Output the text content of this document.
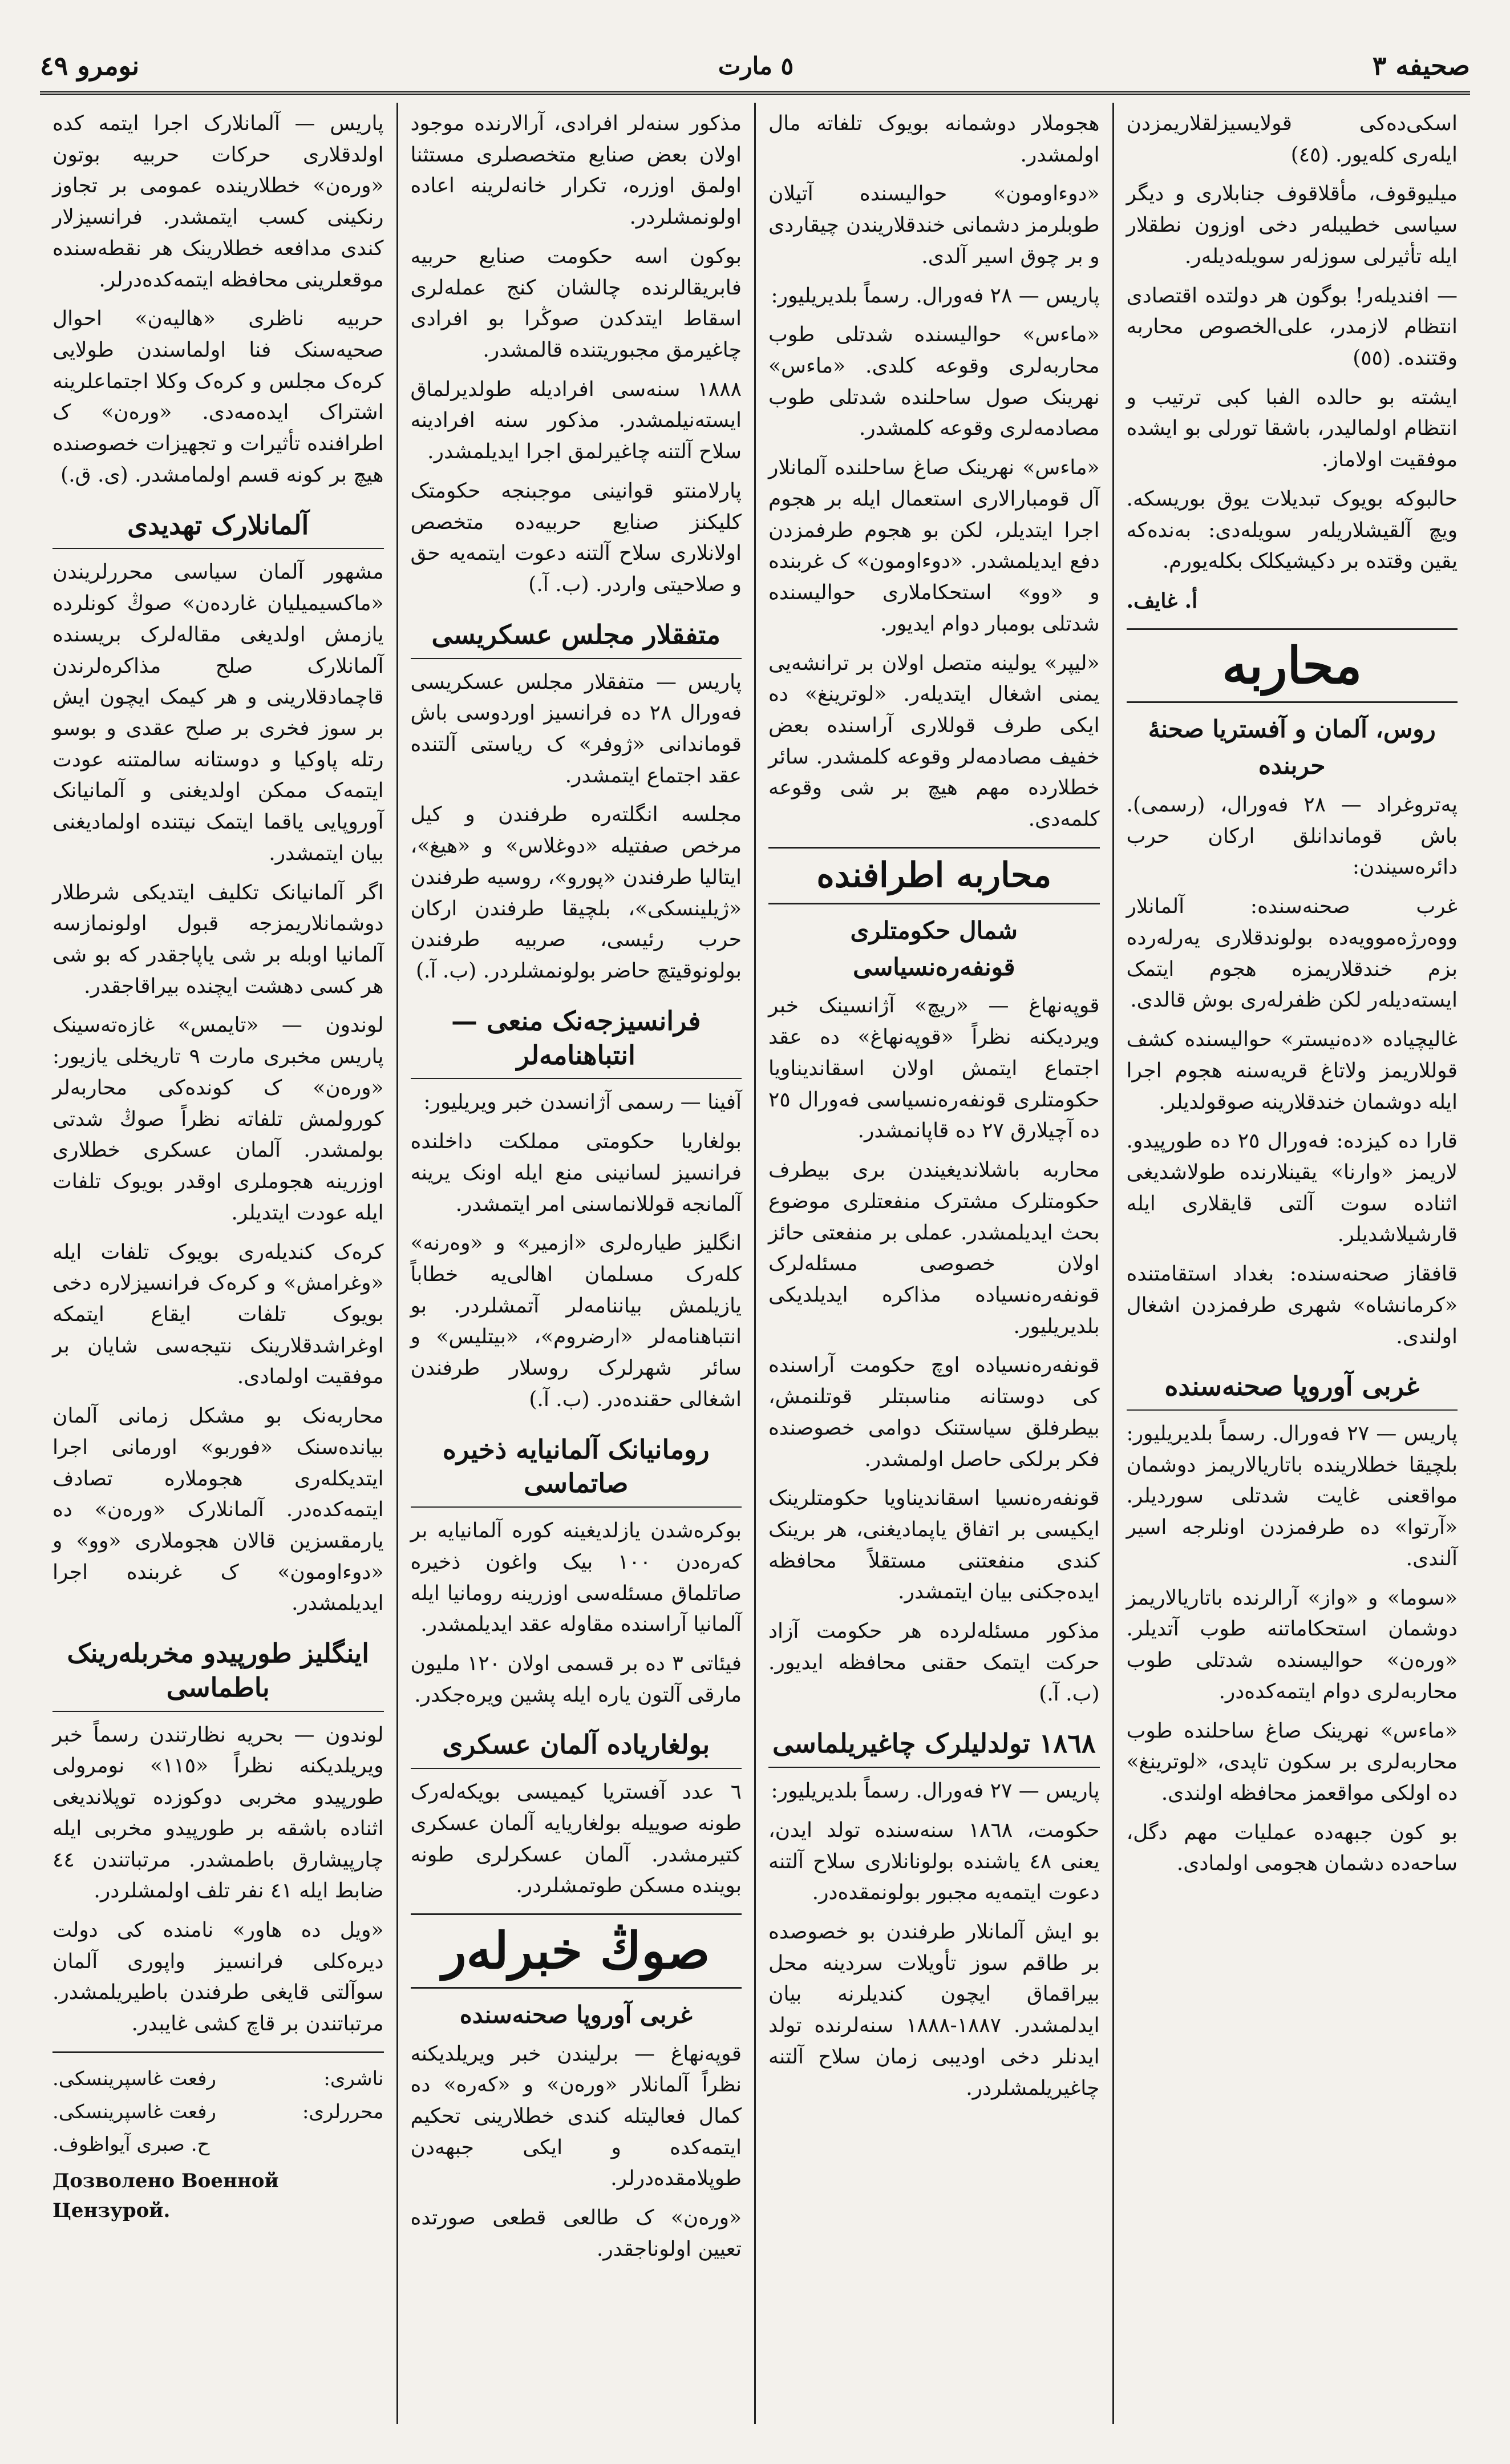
صحیفه ٣
٥ ﻣﺎﺭﺕ
نومرو ٤٩

اسکی‌ده‌کی قولایسیزلقلاریمزدن ایلەری کلەیور. (٤٥)

میلیوقوف، مأقلاقوف جنابلاری و دیگر سیاسی خطیبلەر دخی اوزون نطقلار ایلە تأثیرلی سوزلەر سویلەدیلەر.

— افندیلەر! بوگون هر دولتدە اقتصادی انتظام لازمدر، علی‌الخصوص محاربە وقتندە. (٥٥)

ایشتە بو حالدە الفبا کبی ترتیب و انتظام اولمالیدر، باشقا تورلی بو ایشدە موفقیت اولاماز.

حالبوکە بویوک تبدیلات یوق بوریسکە. ویچ آلقیشلاریلەر سویلەدی: بەندەکە یقین وقتدە بر دکیشیکلک بکلەیورم.

أ. غایف.
محاربە
روس، آلمان و آفستریا صحنهٔ حربندە

پەتروغراد — ٢٨ فەورال، (رسمی). باش قوماندانلق ارکان حرب دائرەسیندن:

غرب صحنەسندە: آلمانلار ووەرژەموویەدە بولوندقلاری یەرلەردە بزم خندقلاریمزه هجوم ایتمک ایستەدیلەر لکن ظفرلەری بوش قالدی.

غالیچیادە «دەنیستر» حوالیسندە کشف قوللاریمز ولاتاغ قریەسنە هجوم اجرا ایلە دوشمان خندقلارینە صوقولدیلر.

قارا دە کیزدە: فەورال ٢٥ دە طورپیدو. لاریمز «وارنا» یقینلارندە طولاشدیغی اثنادە سوت آلتی قایقلاری ایلە قارشیلاشدیلر.

قافقاز صحنەسندە: بغداد استقامتندە «کرمانشاه» شهری طرفمزدن اشغال اولندی.

غربی آوروپا صحنەسندە

پاریس — ٢٧ فەورال. رسماً بلدیریلیور: بلچیقا خطلاریندە باتاریالاریمز دوشمان مواقعنی غایت شدتلی سوردیلر. «آرتوا» دە طرفمزدن اونلرجە اسیر آلندی.

«سوما» و «واز» آرالرندە باتاریالاریمز دوشمان استحکاماتنە طوب آتدیلر. «ورەن» حوالیسندە شدتلی طوب محاربەلری دوام ایتمەکدەدر.

«ماءس» نهرینک صاغ ساحلندە طوب محاربەلری بر سکون تاپدی، «لوترینغ» دە اولکی مواقعمز محافظە اولندی.

بو کون جبهەدە عملیات مهم دگل، ساحەدە دشمان هجومی اولمادی.

هجوملار دوشمانە بویوک تلفاتە مال اولمشدر.

«دوءاومون» حوالیسندە آتیلان طوبلرمز دشمانی خندقلاریندن چیقاردی و بر چوق اسیر آلدی.

پاریس — ٢٨ فەورال. رسماً بلدیریلیور:

«ماءس» حوالیسندە شدتلی طوب محاربەلری وقوعە کلدی. «ماءس» نهرینک صول ساحلندە شدتلی طوب مصادمەلری وقوعە کلمشدر.

«ماءس» نهرینک صاغ ساحلندە آلمانلار آل قومبارالاری استعمال ایلە بر هجوم اجرا ایتدیلر، لکن بو هجوم طرفمزدن دفع ایدیلمشدر. «دوءاومون» ک غربندە و «وو» استحکاملاری حوالیسندە شدتلی بومبار دوام ایدیور.

«لیپر» یولینە متصل اولان بر ترانشەیی یمنی اشغال ایتدیلەر. «لوترینغ» دە ایکی طرف قوللاری آراسندە بعض خفیف مصادمەلر وقوعە کلمشدر. سائر خطلاردە مهم هیچ بر شی وقوعە کلمەدی.

محاربه اطرافنده
شمال حکومتلری قونفەرەنسیاسی

قوپەنهاغ — «ریچ» آژانسینک خبر ویردیکنە نظراً «قوپەنهاغ» دە عقد اجتماع ایتمش اولان اسقاندیناویا حکومتلری قونفەرەنسیاسی فەورال ٢٥ دە آچیلارق ٢٧ دە قاپانمشدر.

محاربە باشلاندیغیندن بری بیطرف حکومتلرک مشترک منفعتلری موضوع بحث ایدیلمشدر. عملی بر منفعتی حائز اولان خصوصی مسئلەلرک قونفەرەنسیادە مذاکرە ایدیلدیکی بلدیریلیور.

قونفەرەنسیادە اوچ حکومت آراسندە کی دوستانە مناسبتلر قوتلنمش، بیطرفلق سیاستنک دوامی خصوصندە فکر برلکی حاصل اولمشدر.

قونفەرەنسیا اسقاندیناویا حکومتلرینک ایکیسی بر اتفاق یاپمادیغنی، هر برینک کندی منفعتنی مستقلاً محافظە ایدەجکنی بیان ایتمشدر.

مذکور مسئلەلردە هر حکومت آزاد حرکت ایتمک حقنی محافظە ایدیور. (ب. آ.)

١٨٦٨ تولدلیلرک چاغیریلماسی

پاریس — ٢٧ فەورال. رسماً بلدیریلیور:

حکومت، ١٨٦٨ سنەسندە تولد ایدن، یعنی ٤٨ یاشندە بولونانلاری سلاح آلتنە دعوت ایتمەیە مجبور بولونمقدەدر.

بو ایش آلمانلار طرفندن بو خصوصدە بر طاقم سوز تأویلات سردینە محل بیراقماق ایچون کندیلرنە بیان ایدلمشدر. ١٨٨٧-١٨٨٨ سنەلرندە تولد ایدنلر دخی اودیبی زمان سلاح آلتنە چاغیریلمشلردر.

مذکور سنەلر افرادی، آرالارندە موجود اولان بعض صنایع متخصصلری مستثنا اولمق اوزرە، تکرار خانەلرینە اعادە اولونمشلردر.

بوکون اسە حکومت صنایع حربیە فابریقالرندە چالشان کنج عملەلری اسقاط ایتدکدن صوڭرا بو افرادی چاغیرمق مجبوریتندە قالمشدر.

١٨٨٨ سنەسی افرادیلە طولدیرلماق ایستەنیلمشدر. مذکور سنە افرادینە سلاح آلتنە چاغیرلمق اجرا ایدیلمشدر.

پارلامنتو قوانینی موجبنجە حکومتک کلیکنز صنایع حربیەدە متخصص اولانلاری سلاح آلتنە دعوت ایتمەیە حق و صلاحیتی واردر. (ب. آ.)

متفقلار مجلس عسکریسی

پاریس — متفقلار مجلس عسکریسی فەورال ٢٨ دە فرانسیز اوردوسی باش قوماندانی «ژوفر» ک ریاستی آلتندە عقد اجتماع ایتمشدر.

مجلسە انگلتەرە طرفندن و کیل مرخص صفتیلە «دوغلاس» و «هیغ»، ایتالیا طرفندن «پورو»، روسیە طرفندن «ژیلینسکی»، بلچیقا طرفندن ارکان حرب رئیسی، صربیە طرفندن بولونوقیتچ حاضر بولونمشلردر. (ب. آ.)

فرانسیزجەنک منعی — انتباهنامەلر

آفینا — رسمی آژانسدن خبر ویریلیور:

بولغاریا حکومتی مملکت داخلندە فرانسیز لسانینی منع ایلە اونک یرینە آلمانجە قوللانماسنی امر ایتمشدر.

انگلیز طیارەلری «ازمیر» و «وەرنە» کلەرک مسلمان اهالی‌یە خطاباً یازیلمش بیاننامەلر آتمشلردر. بو انتباهنامەلر «ارضروم»، «بیتلیس» و سائر شهرلرک روسلار طرفندن اشغالی حقندەدر. (ب. آ.)

رومانیانک آلمانیایە ذخیرە صاتماسی

بوکرەشدن یازلدیغینە کورە آلمانیایە بر کەرەدن ١٠٠ بیک واغون ذخیرە صاتلماق مسئلەسی اوزرینە رومانیا ایلە آلمانیا آراسندە مقاولە عقد ایدیلمشدر.

فیئاتی ٣ دە بر قسمی اولان ١٢٠ ملیون مارقی آلتون یارە ایلە پشین ویرەجکدر.

بولغاریادە آلمان عسکری

٦ عدد آفستریا کیمیسی بویکەلەرک طونە صوییلە بولغاریایە آلمان عسکری کتیرمشدر. آلمان عسکرلری طونە بویندە مسکن طوتمشلردر.

صوڭ خبرلەر
غربی آوروپا صحنەسندە

قوپەنهاغ — برلیندن خبر ویریلدیکنە نظراً آلمانلار «ورەن» و «کەرە» دە کمال فعالیتلە کندی خطلارینی تحکیم ایتمەکدە و ایکی جبهەدن طوپلامقدەدرلر.

«ورەن» ک طالعی قطعی صورتدە تعیین اولوناجقدر.

پاریس — آلمانلارک اجرا ایتمە کدە اولدقلاری حرکات حربیە بوتون «ورەن» خطلاریندە عمومی بر تجاوز رنکینی کسب ایتمشدر. فرانسیزلار کندی مدافعە خطلارینک هر نقطەسندە موقعلرینی محافظە ایتمەکدەدرلر.

حربیە ناظری «هالیەن» احوال صحیەسنک فنا اولماسندن طولایی کرەک مجلس و کرەک وکلا اجتماعلرینە اشتراک ایدەمەدی. «ورەن» ک اطرافندە تأثیرات و تجهیزات خصوصندە هیچ بر کونە قسم اولمامشدر. (ی. ق.)

آلمانلارک تهدیدی

مشهور آلمان سیاسی محررلریندن «ماکسیمیلیان غاردەن» صوڭ کونلردە یازمش اولدیغی مقالەلرک بریسندە آلمانلارک صلح مذاکرەلرندن قاچمادقلارینی و هر کیمک ایچون ایش بر سوز فخری بر صلح عقدی و بوسو رتلە پاوکیا و دوستانە سالمتنە عودت ایتمەک ممکن اولدیغنی و آلمانیانک آوروپایی یاقما ایتمک نیتندە اولمادیغنی بیان ایتمشدر.

اگر آلمانیانک تکلیف ایتدیکی شرطلار دوشمانلاریمزجە قبول اولونمازسە آلمانیا اوبلە بر شی یاپاجقدر کە بو شی هر کسی دهشت ایچندە بیراقاجقدر.

لوندون — «تایمس» غازەتەسینک پاریس مخبری مارت ٩ تاریخلی یازیور: «ورەن» ک کوندەکی محاربەلر کورولمش تلفاتە نظراً صوڭ شدتی بولمشدر. آلمان عسکری خطلاری اوزرینە هجوملری اوقدر بویوک تلفات ایلە عودت ایتدیلر.

کرەک کندیلەری بویوک تلفات ایلە «وغرامش» و کرەک فرانسیزلارە دخی بویوک تلفات ایقاع ایتمکە اوغراشدقلارینک نتیجەسی شایان بر موفقیت اولمادی.

محاربەنک بو مشکل زمانی آلمان بیاندەسنک «فوربو» اورمانی اجرا ایتدیکلەری هجوملارە تصادف ایتمەکدەدر. آلمانلارک «ورەن» دە یارمقسزین قالان هجوملاری «وو» و «دوءاومون» ک غربندە اجرا ایدیلمشدر.

اینگلیز طورپیدو مخربلەرینک باطماسی

لوندون — بحریە نظارتندن رسماً خبر ویریلدیکنە نظراً «١١٥» نومرولی طورپیدو مخربی دوکوزدە توپلاندیغی اثنادە باشقە بر طورپیدو مخربی ایلە چارپیشارق باطمشدر. مرتباتندن ٤٤ ضابط ایلە ٤١ نفر تلف اولمشلردر.

«ویل ده هاور» نامندە کی دولت دیرەکلی فرانسیز واپوری آلمان سوآلتی قایغی طرفندن باطیریلمشدر. مرتباتندن بر قاچ کشی غایبدر.

ناشری:
رفعت غاسپرینسکی.
محررلری:
رفعت غاسپرینسکی.
ح. صبری آیواظوف.
Дозволено Военной Цензурой.
